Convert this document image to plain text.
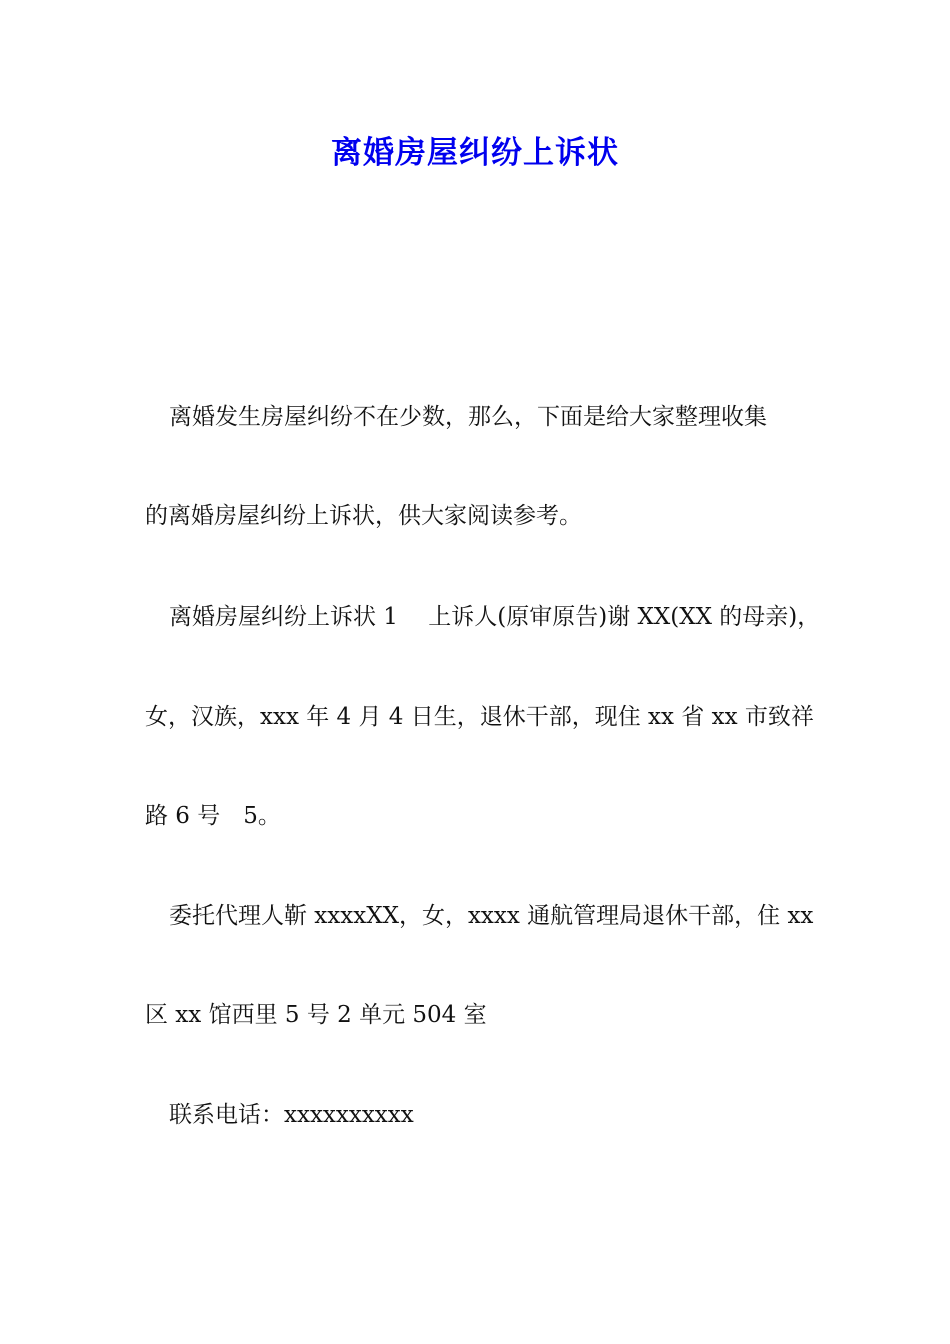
离婚房屋纠纷上诉状
离婚发生房屋纠纷不在少数，那么，下面是给大家整理收集
的离婚房屋纠纷上诉状，供大家阅读参考。
离婚房屋纠纷上诉状 1　 上诉人(原审原告)谢 XX(XX 的母亲)，
女，汉族，xxx 年 4 月 4 日生，退休干部，现住 xx 省 xx 市致祥
路 6 号　5。
委托代理人靳 xxxxXX，女，xxxx 通航管理局退休干部，住 xx
区 xx 馆西里 5 号 2 单元 504 室
联系电话：xxxxxxxxxx
